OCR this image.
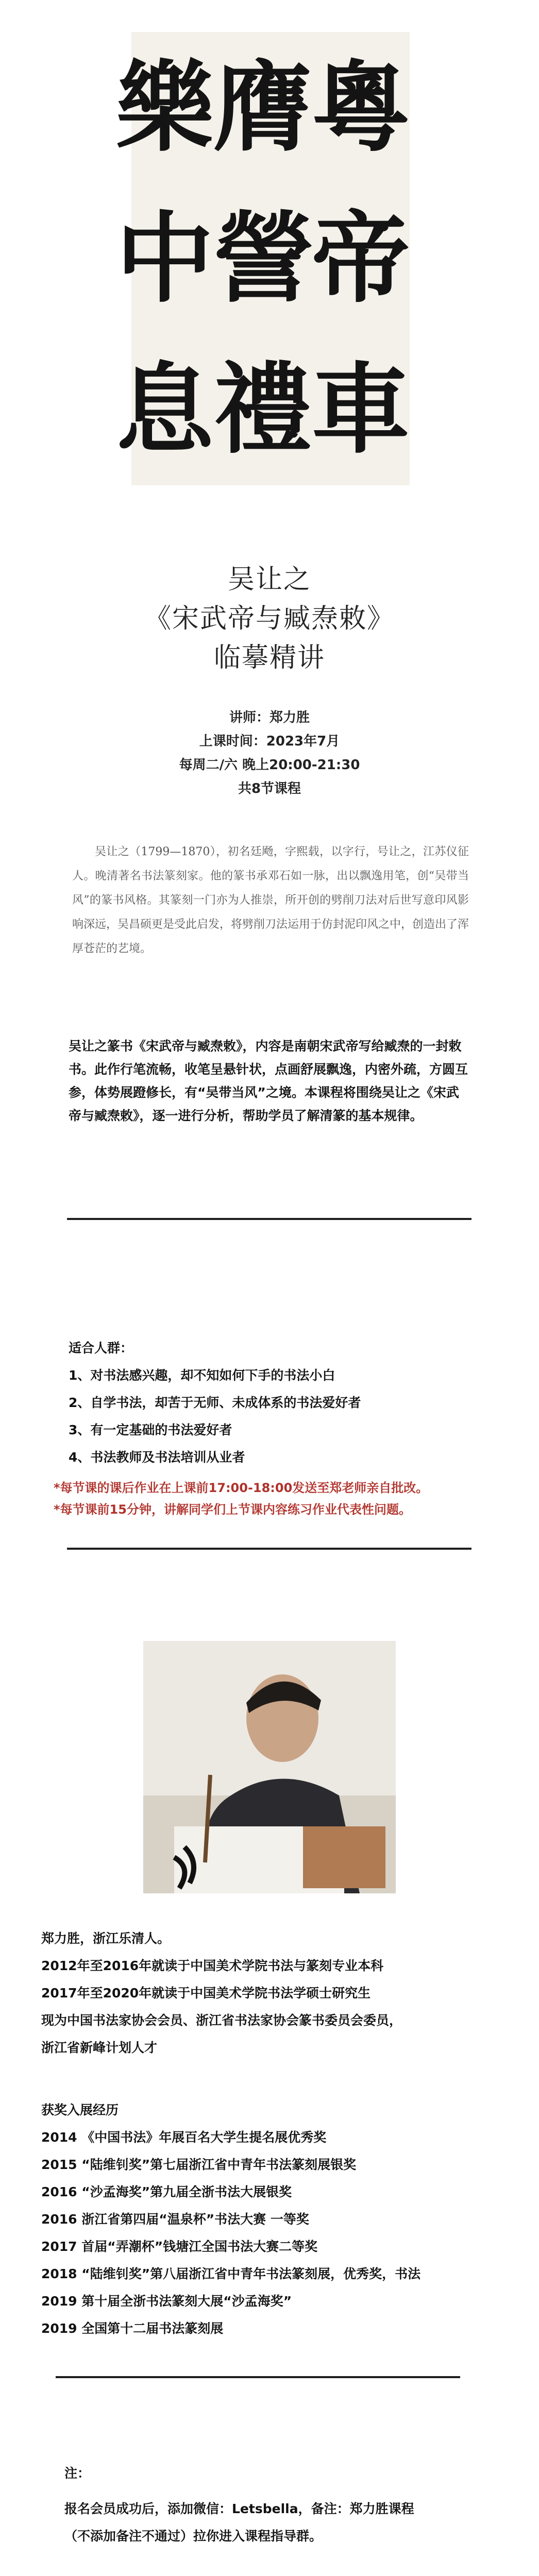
粵
膺
樂
帝
謍
中
車
禮
息
吴让之
《宋武帝与臧焘敕》
临摹精讲
讲师：郑力胜
上课时间：2023年7月
每周二/六 晚上20:00-21:30
共8节课程

吴让之（1799—1870），初名廷飏，字熙载，以字行，号让之，江苏仪征人。晚清著名书法篆刻家。他的篆书承邓石如一脉，出以飘逸用笔，创“吴带当风”的篆书风格。其篆刻一门亦为人推崇，所开创的劈削刀法对后世写意印风影响深远，吴昌硕更是受此启发，将劈削刀法运用于仿封泥印风之中，创造出了浑厚苍茫的艺境。

吴让之篆书《宋武帝与臧焘敕》，内容是南朝宋武帝写给臧焘的一封敕书。此作行笔流畅，收笔呈悬针状，点画舒展飘逸，内密外疏，方圆互参，体势展蹬修长，有“吴带当风”之境。本课程将围绕吴让之《宋武帝与臧焘敕》，逐一进行分析，帮助学员了解清篆的基本规律。

适合人群：
1、对书法感兴趣，却不知如何下手的书法小白
2、自学书法，却苦于无师、未成体系的书法爱好者
3、有一定基础的书法爱好者
4、书法教师及书法培训从业者
*每节课的课后作业在上课前17:00-18:00发送至郑老师亲自批改。
*每节课前15分钟，讲解同学们上节课内容练习作业代表性问题。
郑力胜，浙江乐清人。
2012年至2016年就读于中国美术学院书法与篆刻专业本科
2017年至2020年就读于中国美术学院书法学硕士研究生
现为中国书法家协会会员、浙江省书法家协会篆书委员会委员，
浙江省新峰计划人才
获奖入展经历
2014 《中国书法》年展百名大学生提名展优秀奖
2015 “陆维钊奖”第七届浙江省中青年书法篆刻展银奖
2016 “沙孟海奖”第九届全浙书法大展银奖
2016 浙江省第四届“温泉杯”书法大赛 一等奖
2017 首届“弄潮杯”钱塘江全国书法大赛二等奖
2018 “陆维钊奖”第八届浙江省中青年书法篆刻展，优秀奖，书法
2019 第十届全浙书法篆刻大展“沙孟海奖”
2019 全国第十二届书法篆刻展
注：
报名会员成功后，添加微信：Letsbella，备注：郑力胜课程
（不添加备注不通过）拉你进入课程指导群。
